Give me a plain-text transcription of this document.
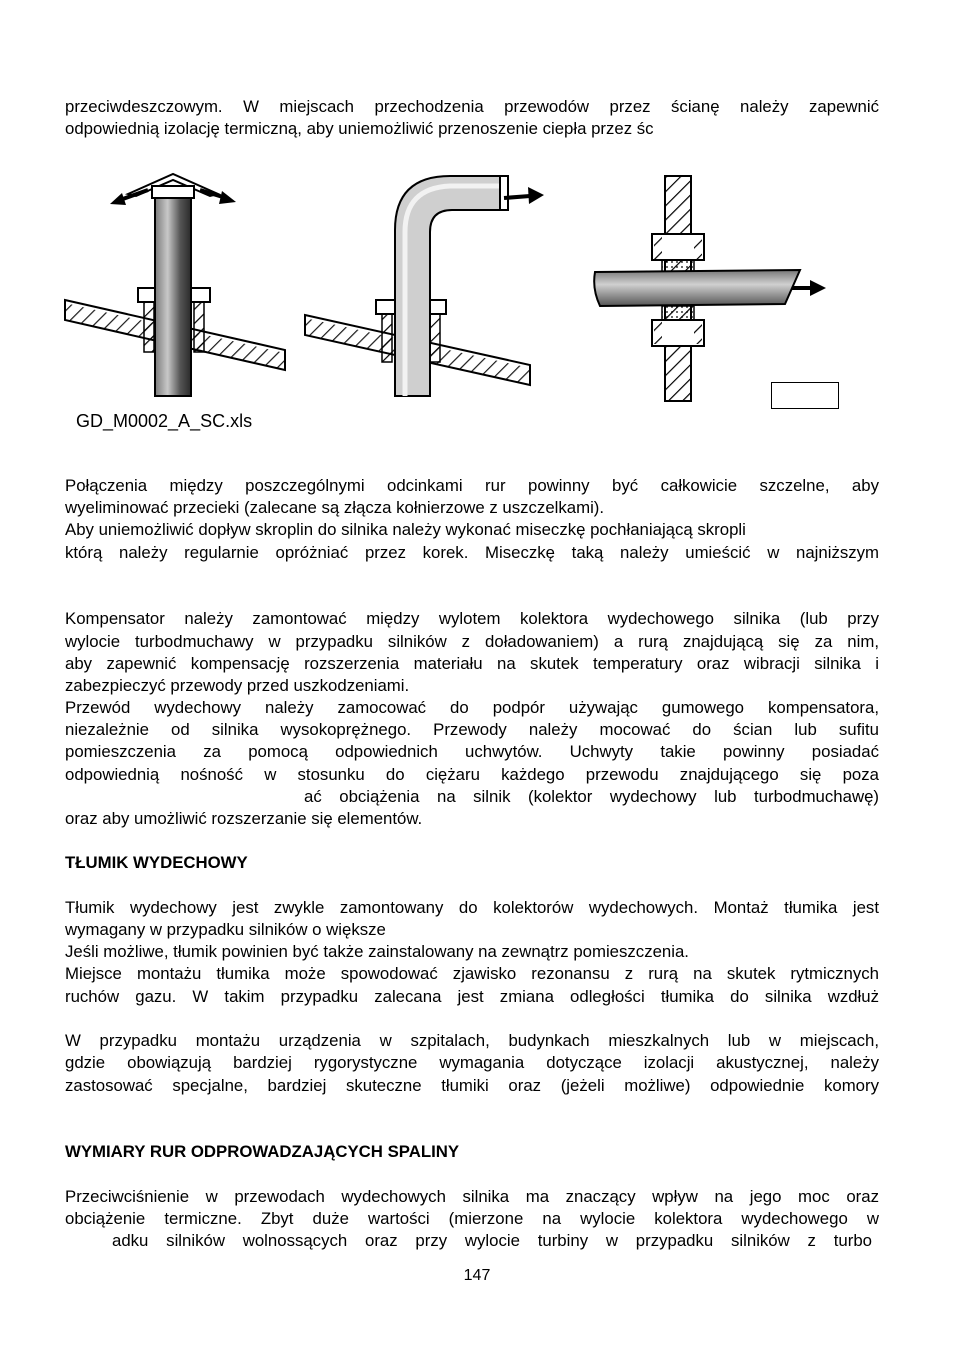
przeciwdeszczowym. W miejscach przechodzenia przewodów przez ścianę należy zapewnić
odpowiednią izolację termiczną, aby uniemożliwić przenoszenie ciepła przez śc
GD_M0002_A_SC.xls
Połączenia między poszczególnymi odcinkami rur powinny być całkowicie szczelne, aby
wyeliminować przecieki (zalecane są złącza kołnierzowe z uszczelkami).
Aby uniemożliwić dopływ skroplin do silnika należy wykonać miseczkę pochłaniającą skropli
którą należy regularnie opróżniać przez korek. Miseczkę taką należy umieścić w najniższym
Kompensator należy zamontować między wylotem kolektora wydechowego silnika (lub przy
wylocie turbodmuchawy w przypadku silników z doładowaniem) a rurą znajdującą się za nim,
aby zapewnić kompensację rozszerzenia materiału na skutek temperatury oraz wibracji silnika i
zabezpieczyć przewody przed uszkodzeniami.
Przewód wydechowy należy zamocować do podpór używając gumowego kompensatora,
niezależnie od silnika wysokoprężnego. Przewody należy mocować do ścian lub sufitu
pomieszczenia za pomocą odpowiednich uchwytów. Uchwyty takie powinny posiadać
odpowiednią nośność w stosunku do ciężaru każdego przewodu znajdującego się poza
ać obciążenia na silnik (kolektor wydechowy lub turbodmuchawę)
oraz aby umożliwić rozszerzanie się elementów.
TŁUMIK WYDECHOWY
Tłumik wydechowy jest zwykle zamontowany do kolektorów wydechowych. Montaż tłumika jest
wymagany w przypadku silników o większe
Jeśli możliwe, tłumik powinien być także zainstalowany na zewnątrz pomieszczenia.
Miejsce montażu tłumika może spowodować zjawisko rezonansu z rurą na skutek rytmicznych
ruchów gazu. W takim przypadku zalecana jest zmiana odległości tłumika do silnika wzdłuż
W przypadku montażu urządzenia w szpitalach, budynkach mieszkalnych lub w miejscach,
gdzie obowiązują bardziej rygorystyczne wymagania dotyczące izolacji akustycznej, należy
zastosować specjalne, bardziej skuteczne tłumiki oraz (jeżeli możliwe) odpowiednie komory
WYMIARY RUR ODPROWADZAJĄCYCH SPALINY
Przeciwciśnienie w przewodach wydechowych silnika ma znaczący wpływ na jego moc oraz
obciążenie termiczne. Zbyt duże wartości (mierzone na wylocie kolektora wydechowego w
adku silników wolnossących oraz przy wylocie turbiny w przypadku silników z turbo
147
